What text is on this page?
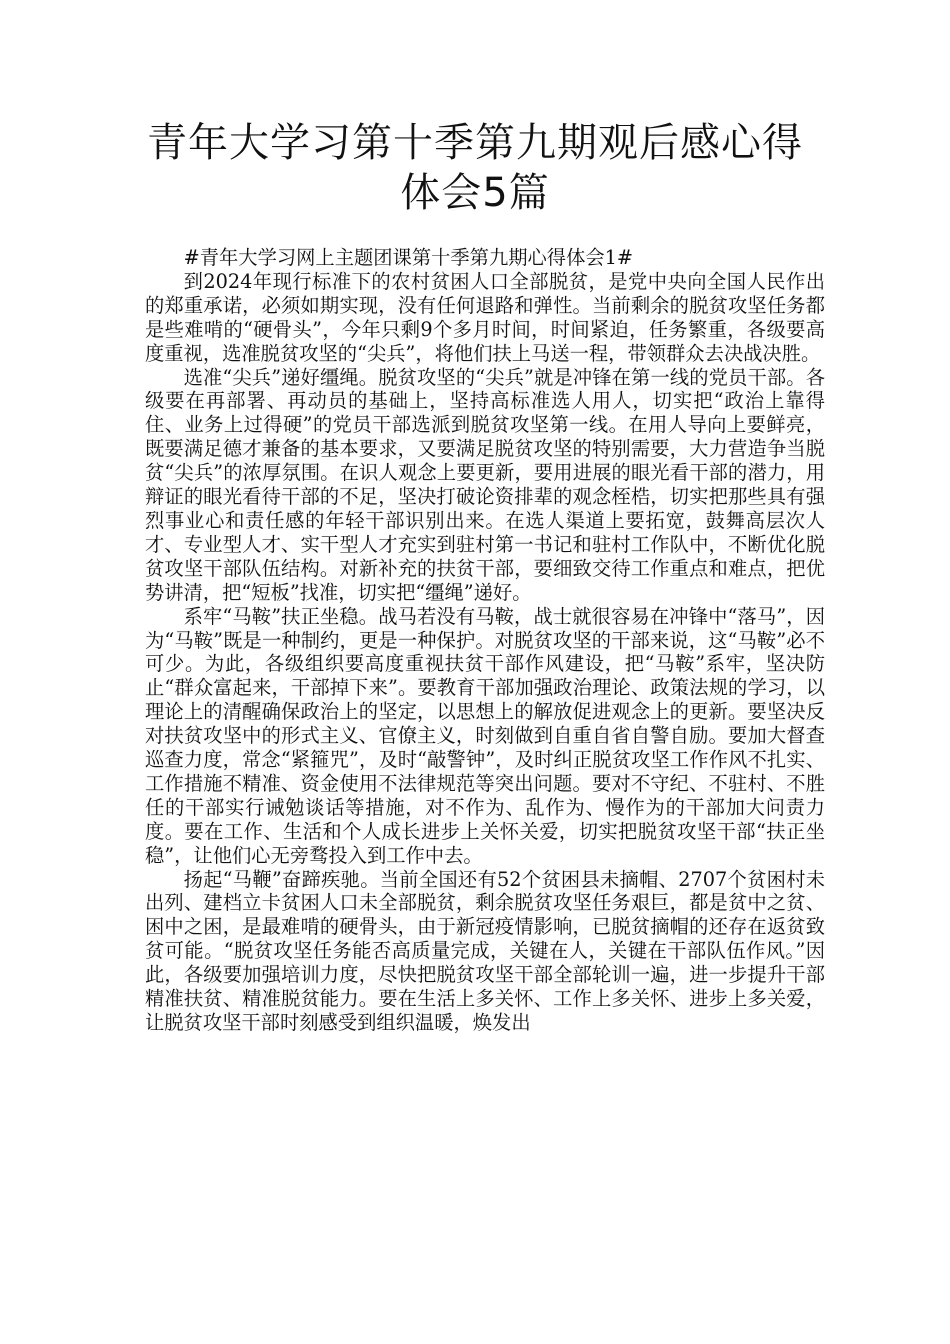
青年大学习第十季第九期观后感心得体会5篇

#青年大学习网上主题团课第十季第九期心得体会1#

到2024年现行标准下的农村贫困人口全部脱贫，是党中央向全国人民作出的郑重承诺，必须如期实现，没有任何退路和弹性。当前剩余的脱贫攻坚任务都是些难啃的“硬骨头”，今年只剩9个多月时间，时间紧迫，任务繁重，各级要高度重视，选准脱贫攻坚的“尖兵”，将他们扶上马送一程，带领群众去决战决胜。

选准“尖兵”递好缰绳。脱贫攻坚的“尖兵”就是冲锋在第一线的党员干部。各级要在再部署、再动员的基础上，坚持高标准选人用人，切实把“政治上靠得住、业务上过得硬”的党员干部选派到脱贫攻坚第一线。在用人导向上要鲜亮，既要满足德才兼备的基本要求，又要满足脱贫攻坚的特别需要，大力营造争当脱贫“尖兵”的浓厚氛围。在识人观念上要更新，要用进展的眼光看干部的潜力，用辩证的眼光看待干部的不足，坚决打破论资排辈的观念桎梏，切实把那些具有强烈事业心和责任感的年轻干部识别出来。在选人渠道上要拓宽，鼓舞高层次人才、专业型人才、实干型人才充实到驻村第一书记和驻村工作队中，不断优化脱贫攻坚干部队伍结构。对新补充的扶贫干部，要细致交待工作重点和难点，把优势讲清，把“短板”找准，切实把“缰绳”递好。

系牢“马鞍”扶正坐稳。战马若没有马鞍，战士就很容易在冲锋中“落马”，因为“马鞍”既是一种制约，更是一种保护。对脱贫攻坚的干部来说，这“马鞍”必不可少。为此，各级组织要高度重视扶贫干部作风建设，把“马鞍”系牢，坚决防止“群众富起来，干部掉下来”。要教育干部加强政治理论、政策法规的学习，以理论上的清醒确保政治上的坚定，以思想上的解放促进观念上的更新。要坚决反对扶贫攻坚中的形式主义、官僚主义，时刻做到自重自省自警自励。要加大督查巡查力度，常念“紧箍咒”，及时“敲警钟”，及时纠正脱贫攻坚工作作风不扎实、工作措施不精准、资金使用不法律规范等突出问题。要对不守纪、不驻村、不胜任的干部实行诫勉谈话等措施，对不作为、乱作为、慢作为的干部加大问责力度。要在工作、生活和个人成长进步上关怀关爱，切实把脱贫攻坚干部“扶正坐稳”，让他们心无旁骛投入到工作中去。

扬起“马鞭”奋蹄疾驰。当前全国还有52个贫困县未摘帽、2707个贫困村未出列、建档立卡贫困人口未全部脱贫，剩余脱贫攻坚任务艰巨，都是贫中之贫、困中之困，是最难啃的硬骨头，由于新冠疫情影响，已脱贫摘帽的还存在返贫致贫可能。“脱贫攻坚任务能否高质量完成，关键在人，关键在干部队伍作风。”因此，各级要加强培训力度，尽快把脱贫攻坚干部全部轮训一遍，进一步提升干部精准扶贫、精准脱贫能力。要在生活上多关怀、工作上多关怀、进步上多关爱，让脱贫攻坚干部时刻感受到组织温暖，焕发出
